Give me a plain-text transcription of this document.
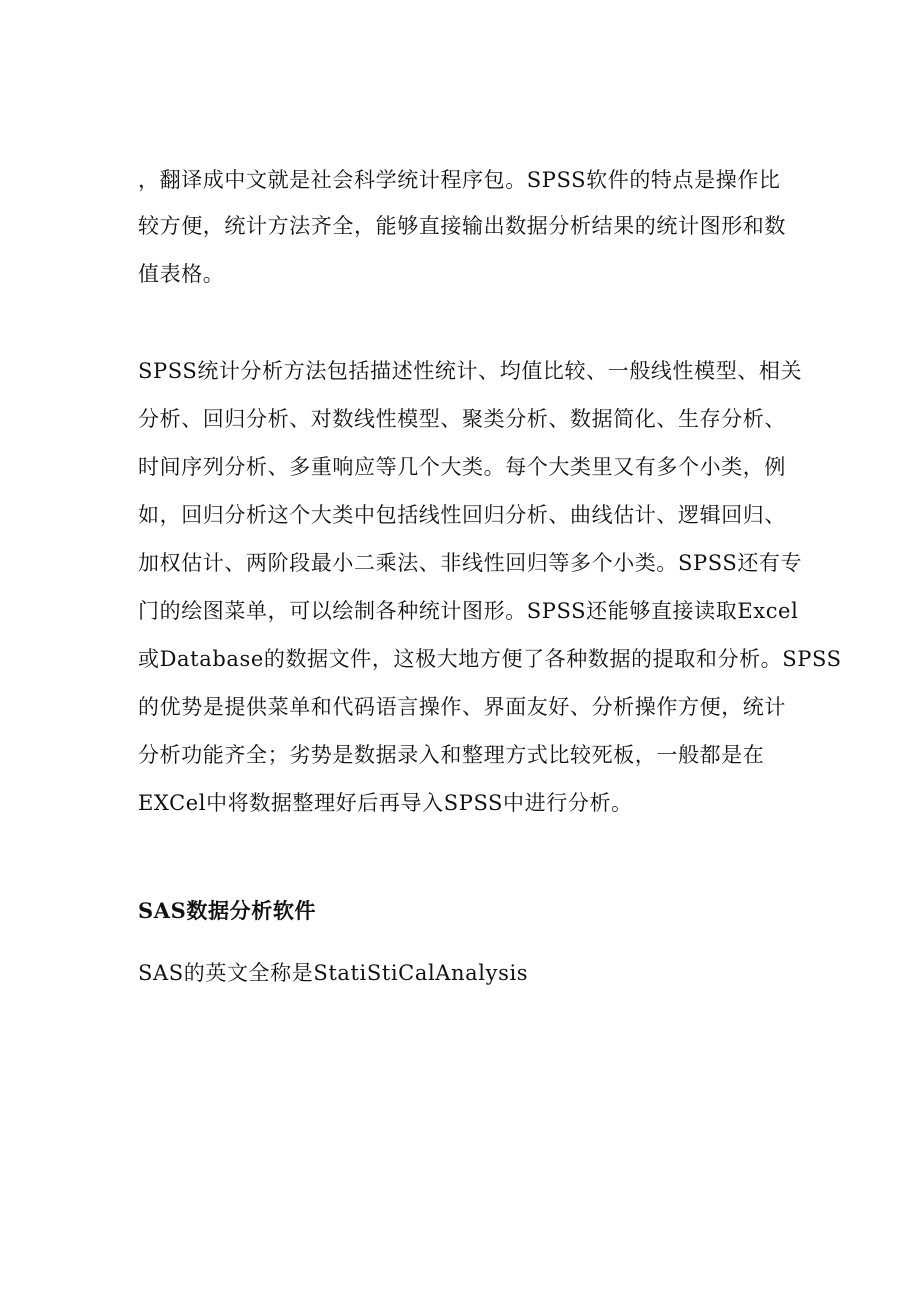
，翻译成中文就是社会科学统计程序包。SPSS软件的特点是操作比
较方便，统计方法齐全，能够直接输出数据分析结果的统计图形和数
值表格。
SPSS统计分析方法包括描述性统计、均值比较、一般线性模型、相关
分析、回归分析、对数线性模型、聚类分析、数据简化、生存分析、
时间序列分析、多重响应等几个大类。每个大类里又有多个小类，例
如，回归分析这个大类中包括线性回归分析、曲线估计、逻辑回归、
加权估计、两阶段最小二乘法、非线性回归等多个小类。SPSS还有专
门的绘图菜单，可以绘制各种统计图形。SPSS还能够直接读取Excel
或Database的数据文件，这极大地方便了各种数据的提取和分析。SPSS
的优势是提供菜单和代码语言操作、界面友好、分析操作方便，统计
分析功能齐全；劣势是数据录入和整理方式比较死板，一般都是在
EXCel中将数据整理好后再导入SPSS中进行分析。
SAS数据分析软件
SAS的英文全称是StatiStiCalAnalysis
